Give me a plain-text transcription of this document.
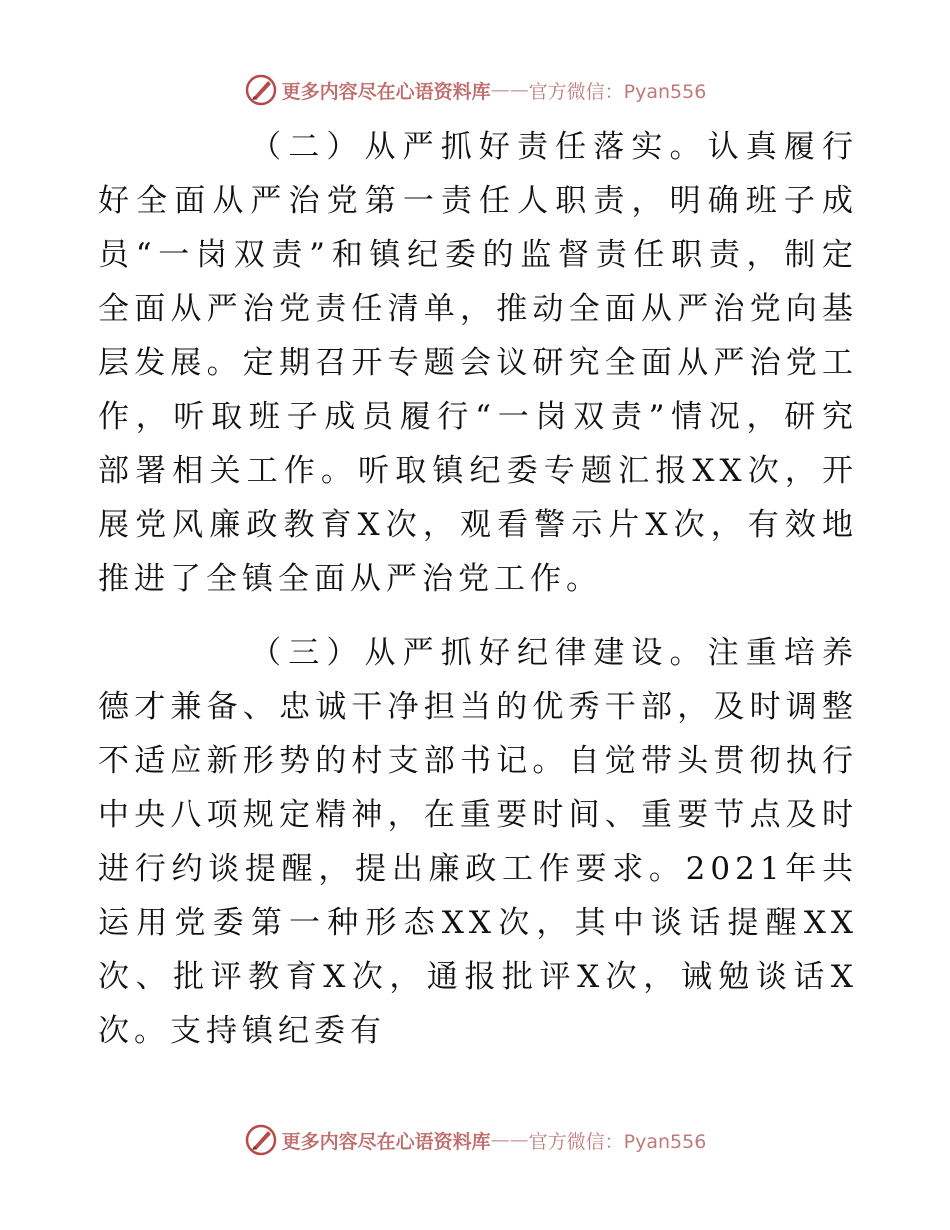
更多内容尽在心语资料库 —— 官方微信：Pyan556

（二）从严抓好责任落实。认真履行好全面从严治党第一责任人职责，明确班子成员“一岗双责”和镇纪委的监督责任职责，制定全面从严治党责任清单，推动全面从严治党向基层发展。定期召开专题会议研究全面从严治党工作，听取班子成员履行“一岗双责”情况，研究部署相关工作。听取镇纪委专题汇报XX次，开展党风廉政教育X次，观看警示片X次，有效地推进了全镇全面从严治党工作。

（三）从严抓好纪律建设。注重培养德才兼备、忠诚干净担当的优秀干部，及时调整不适应新形势的村支部书记。自觉带头贯彻执行中央八项规定精神，在重要时间、重要节点及时进行约谈提醒，提出廉政工作要求。2021年共运用党委第一种形态XX次，其中谈话提醒XX次、批评教育X次，通报批评X次，诫勉谈话X次。支持镇纪委有

更多内容尽在心语资料库 —— 官方微信：Pyan556
